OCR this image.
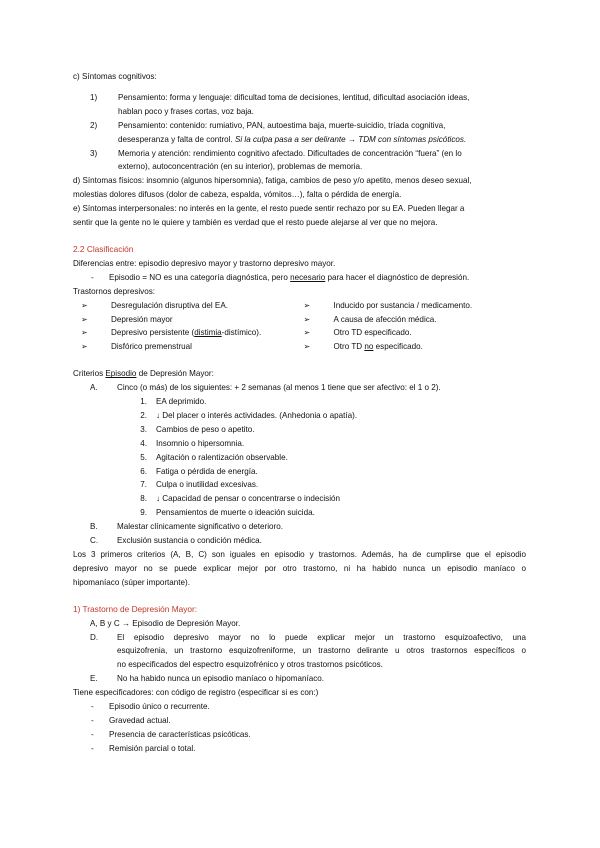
c) Síntomas cognitivos:
1)	Pensamiento: forma y lenguaje: dificultad toma de decisiones, lentitud, dificultad asociación ideas,
hablan poco y frases cortas, voz baja.
2)	Pensamiento: contenido: rumiativo, PAN, autoestima baja, muerte-suicidio, tríada cognitiva,
desesperanza y falta de control. Si la culpa pasa a ser delirante → TDM con síntomas psicóticos.
3)	Memoria y atención: rendimiento cognitivo afectado. Dificultades de concentración “fuera” (en lo
externo), autoconcentración (en su interior), problemas de memoria.
d) Síntomas físicos: insomnio (algunos hipersomnia), fatiga, cambios de peso y/o apetito, menos deseo sexual,
molestias dolores difusos (dolor de cabeza, espalda, vómitos…), falta o pérdida de energía.
e) Síntomas interpersonales: no interés en la gente, el resto puede sentir rechazo por su EA. Pueden llegar a
sentir que la gente no le quiere y también es verdad que el resto puede alejarse al ver que no mejora.
2.2 Clasificación
Diferencias entre: episodio depresivo mayor y trastorno depresivo mayor.
-	Episodio = NO es una categoría diagnóstica, pero necesario para hacer el diagnóstico de depresión.
Trastornos depresivos:
➢	Desregulación disruptiva del EA.	➢	Inducido por sustancia / medicamento.
➢	Depresión mayor	➢	A causa de afección médica.
➢	Depresivo persistente (distimia-distímico).	➢	Otro TD especificado.
➢	Disfórico premenstrual	➢	Otro TD no especificado.
Criterios Episodio de Depresión Mayor:
A.	Cinco (o más) de los siguientes: + 2 semanas (al menos 1 tiene que ser afectivo: el 1 o 2).
1.	EA deprimido.
2.	↓ Del placer o interés actividades. (Anhedonia o apatía).
3.	Cambios de peso o apetito.
4.	Insomnio o hipersomnia.
5.	Agitación o ralentización observable.
6.	Fatiga o pérdida de energía.
7.	Culpa o inutilidad excesivas.
8.	↓ Capacidad de pensar o concentrarse o indecisión
9.	Pensamientos de muerte o ideación suicida.
B.	Malestar clínicamente significativo o deterioro.
C.	Exclusión sustancia o condición médica.
Los 3 primeros criterios (A, B, C) son iguales en episodio y trastornos. Además, ha de cumplirse que el episodio
depresivo mayor no se puede explicar mejor por otro trastorno, ni ha habido nunca un episodio maníaco o
hipomaníaco (súper importante).
1) Trastorno de Depresión Mayor:
A, B y C → Episodio de Depresión Mayor.
D.	El episodio depresivo mayor no lo puede explicar mejor un trastorno esquizoafectivo, una
esquizofrenia, un trastorno esquizofreniforme, un trastorno delirante u otros trastornos específicos o
no especificados del espectro esquizofrénico y otros trastornos psicóticos.
E.	No ha habido nunca un episodio maníaco o hipomaníaco.
Tiene especificadores: con código de registro (especificar si es con:)
-	Episodio único o recurrente.
-	Gravedad actual.
-	Presencia de características psicóticas.
-	Remisión parcial o total.
